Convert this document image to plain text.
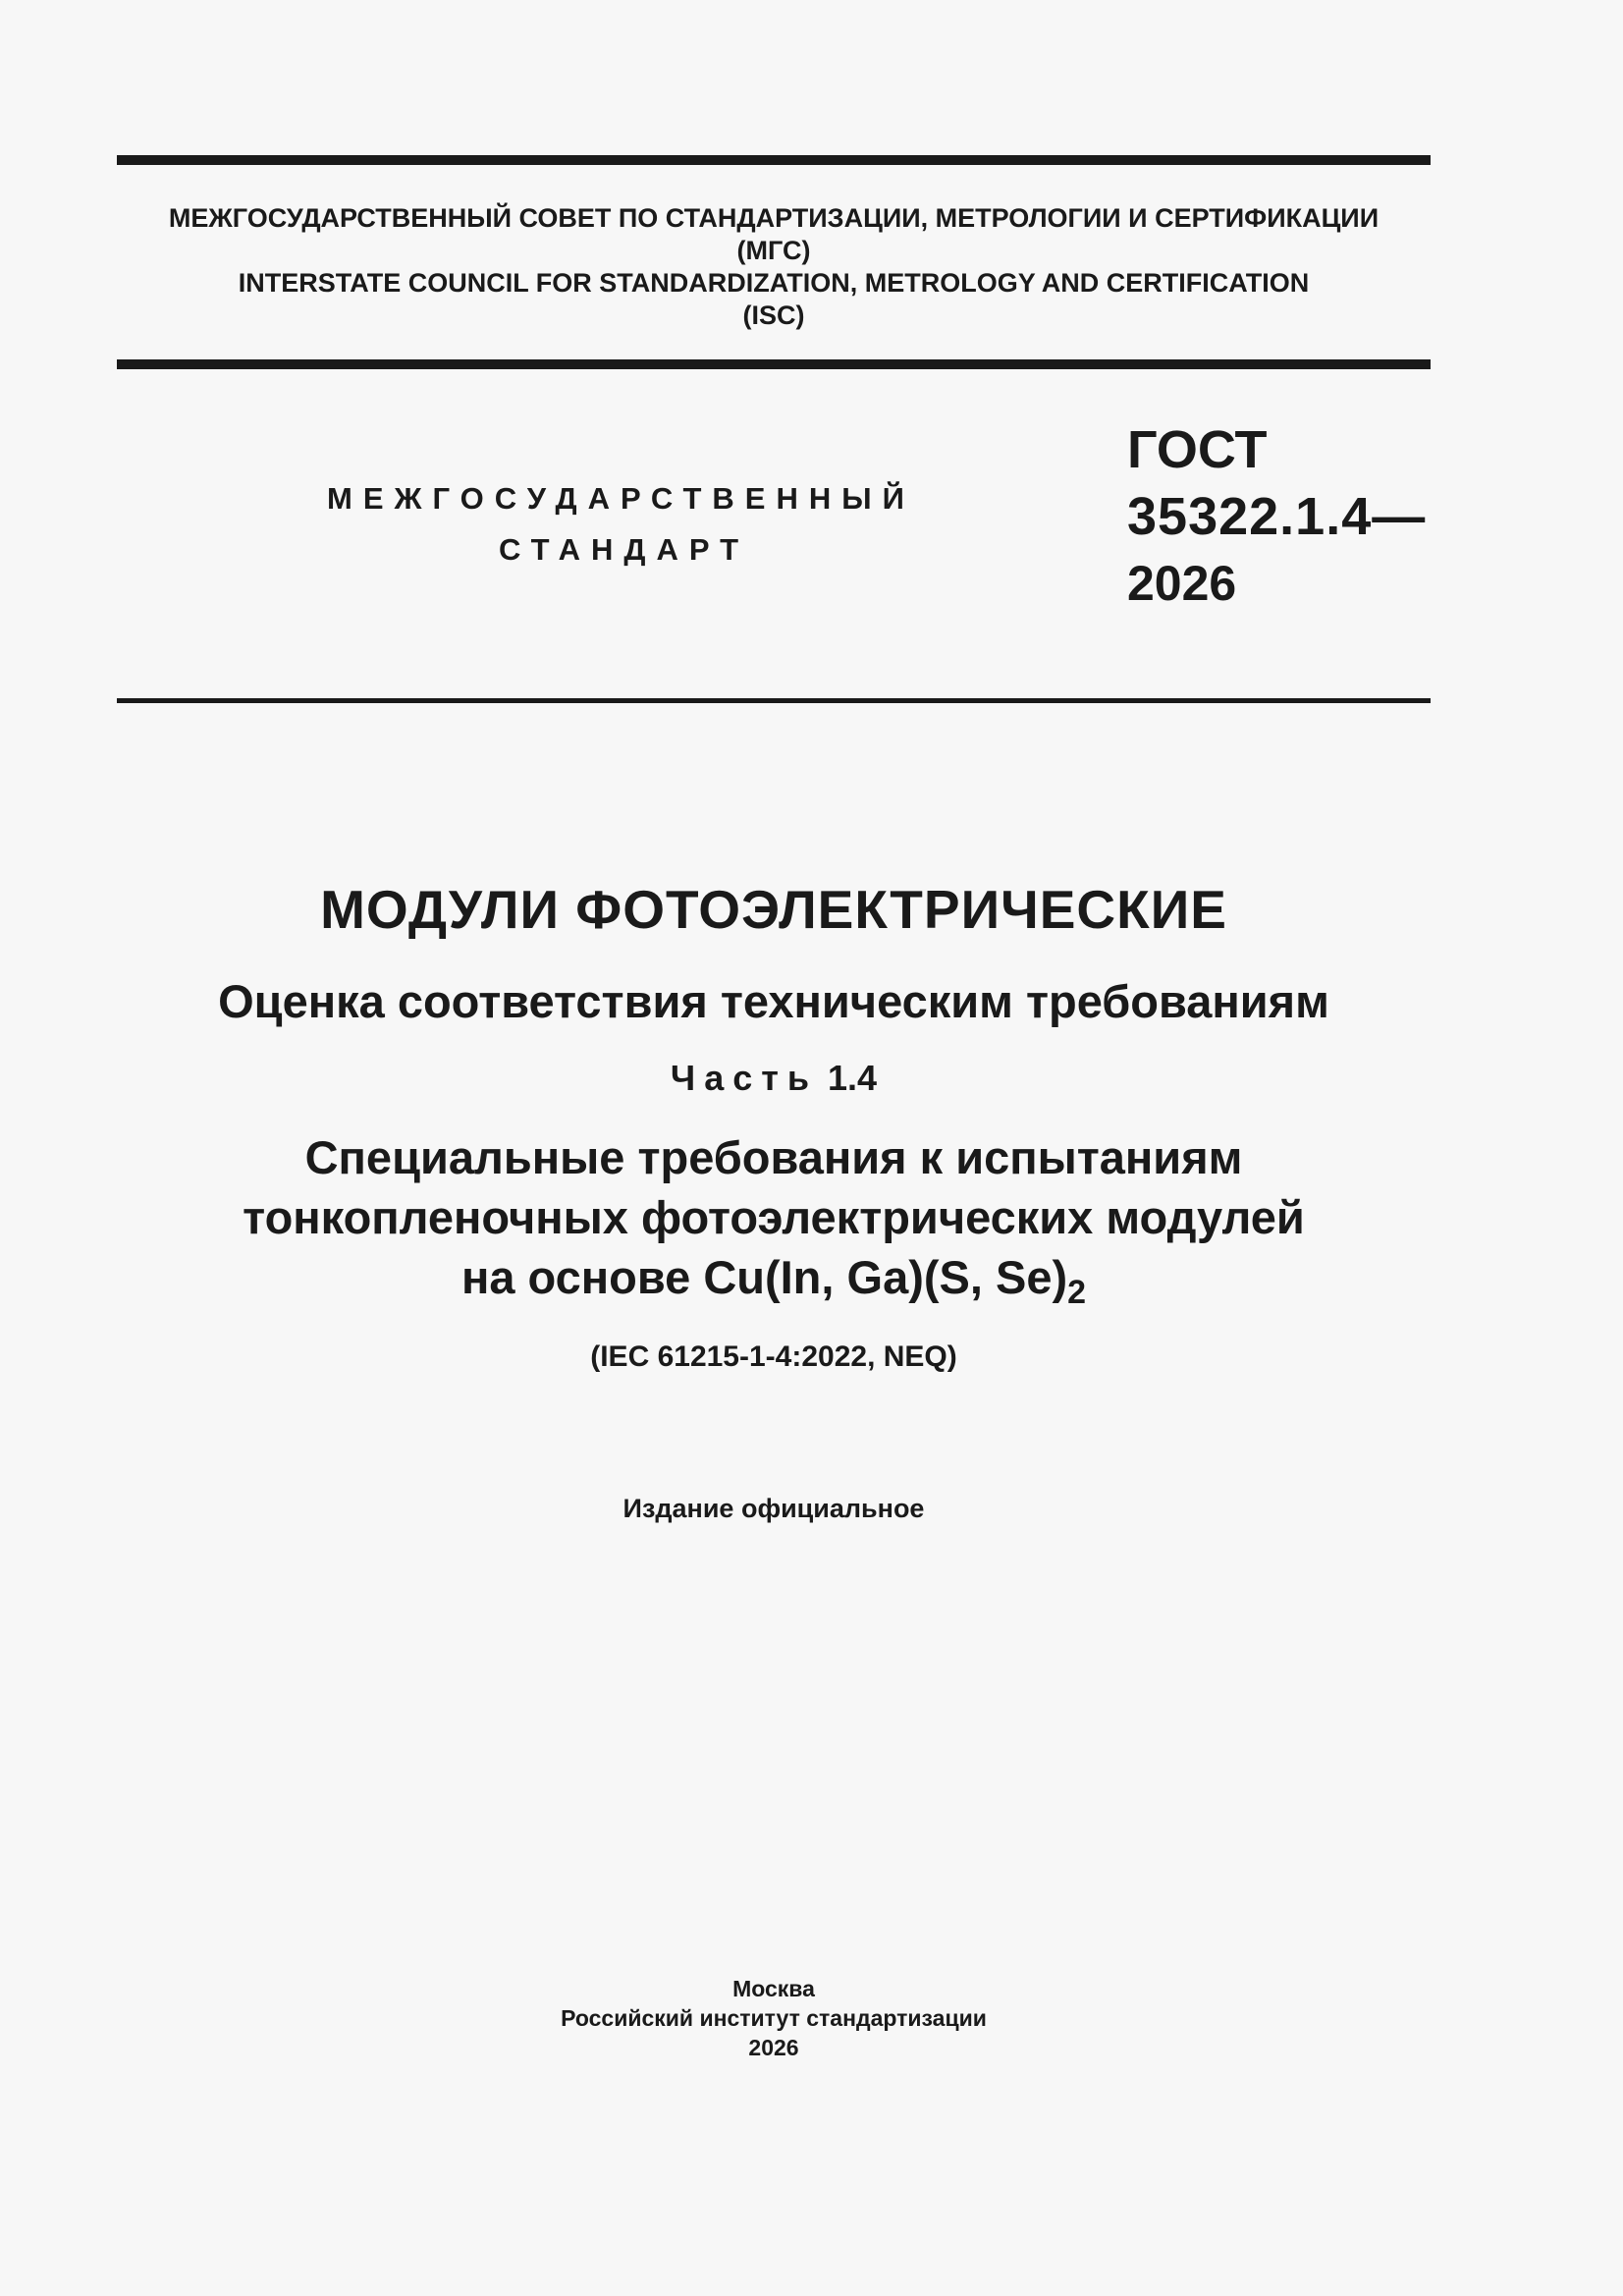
МЕЖГОСУДАРСТВЕННЫЙ СОВЕТ ПО СТАНДАРТИЗАЦИИ, МЕТРОЛОГИИ И СЕРТИФИКАЦИИ
(МГС)
INTERSTATE COUNCIL FOR STANDARDIZATION, METROLOGY AND CERTIFICATION
(ISC)
МЕЖГОСУДАРСТВЕННЫЙ
СТАНДАРТ
ГОСТ
35322.1.4—
2026
МОДУЛИ ФОТОЭЛЕКТРИЧЕСКИЕ
Оценка соответствия техническим требованиям
Часть 1.4
Специальные требования к испытаниям
тонкопленочных фотоэлектрических модулей
на основе Cu(In, Ga)(S, $Se)_2$
(IEC 61215-1-4:2022, NEQ)
Издание официальное
Москва
Российский институт стандартизации
2026
